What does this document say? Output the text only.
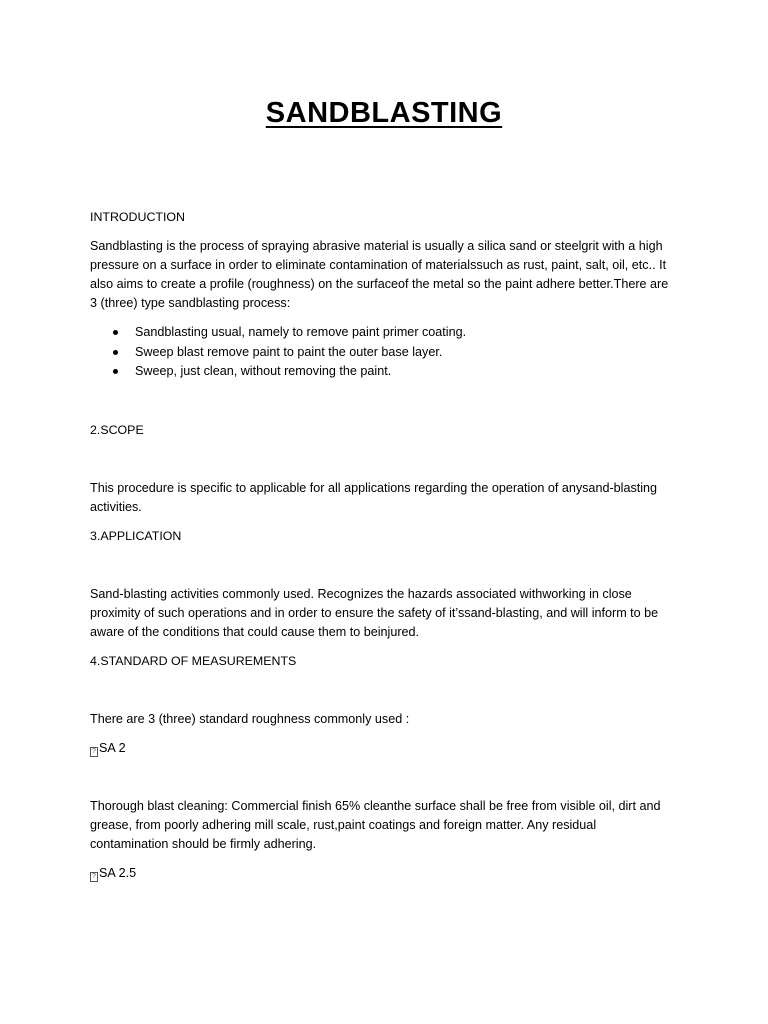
SANDBLASTING
INTRODUCTION
Sandblasting is the process of spraying abrasive material is usually a silica sand or steelgrit with a high
pressure on a surface in order to eliminate contamination of materialssuch as rust, paint, salt, oil, etc.. It
also aims to create a profile (roughness) on the surfaceof the metal so the paint adhere better.There are
3 (three) type sandblasting process:
Sandblasting usual, namely to remove paint primer coating.
Sweep blast remove paint to paint the outer base layer.
Sweep, just clean, without removing the paint.
2.SCOPE
This procedure is specific to applicable for all applications regarding the operation of anysand-blasting
activities.
3.APPLICATION
Sand-blasting activities commonly used. Recognizes the hazards associated withworking in close
proximity of such operations and in order to ensure the safety of it’ssand-blasting, and will inform to be
aware of the conditions that could cause them to beinjured.
4.STANDARD OF MEASUREMENTS
There are 3 (three) standard roughness commonly used :
? SA 2
Thorough blast cleaning: Commercial finish 65% cleanthe surface shall be free from visible oil, dirt and
grease, from poorly adhering mill scale, rust,paint coatings and foreign matter. Any residual
contamination should be firmly adhering.
? SA 2.5
